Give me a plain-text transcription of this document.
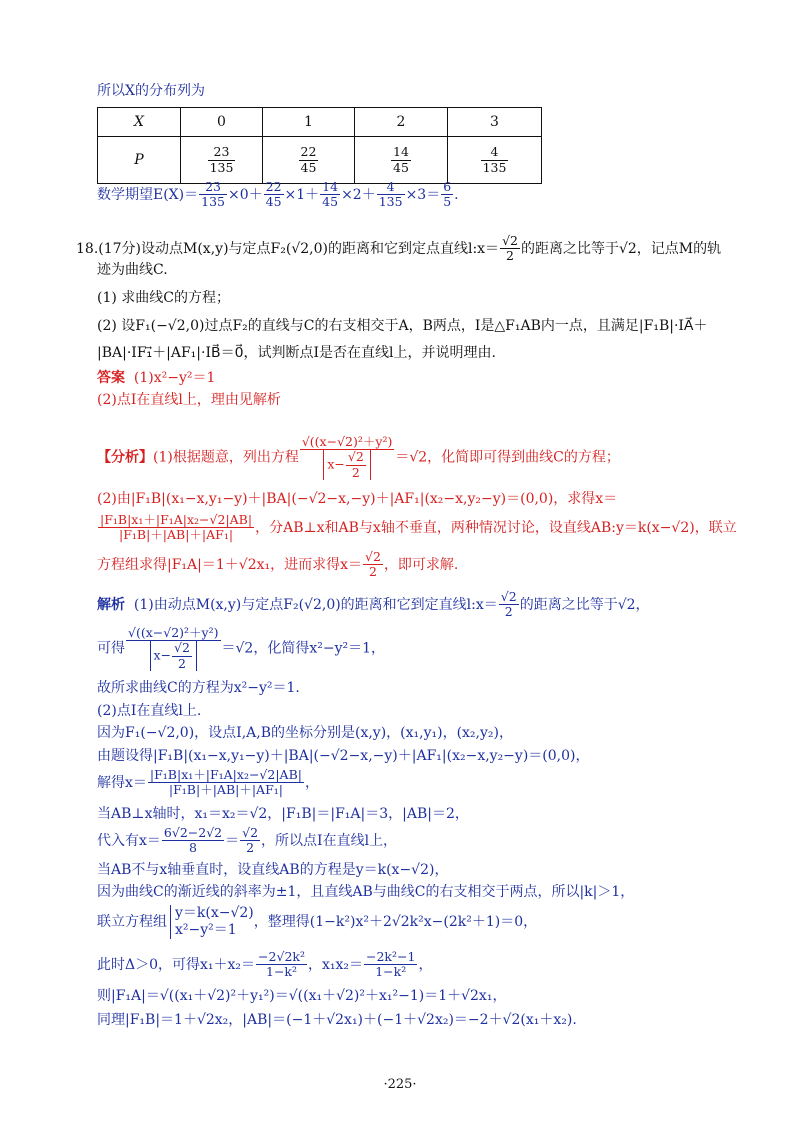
所以X的分布列为
X	0	1	2	3
P	$\frac{23}{135}$	$\frac{22}{45}$	$\frac{14}{45}$	$\frac{4}{135}$
数学期望$E(X)= \frac{23}{135} \times 0+ \frac{22}{45} \times 1+ \frac{14}{45} \times 2+ \frac{4}{135} \times 3= \frac{6}{5}$ .
18.(17分)设动点M(x,y)与定点F₂(√2,0)的距离和它到定点直线l:x＝ $\frac{√2}{2}$ 的距离之比等于√2，记点M的轨
迹为曲线C.
(1) 求曲线C的方程；
(2) 设F₁(−√2,0)过点F₂的直线与C的右支相交于A，B两点，I是△F₁AB内一点，且满足|F₁B|·IA⃗＋
|BA|·IF₁⃗＋|AF₁|·IB⃗＝0⃗，试判断点I是否在直线l上，并说明理由.
答案 (1)x²−y²＝1
(2)点I在直线l上，理由见解析
【分析】(1)根据题意，列出方程 $\frac{\text{√((x−√2)²＋y²)}}{x- \frac{√2}{2}} =√2$，化简即可得到曲线C的方程；
(2)由|F₁B|(x₁−x,y₁−y)＋|BA|(−√2−x,−y)＋|AF₁|(x₂−x,y₂−y)＝(0,0)，求得x＝
$\frac{\text{|F₁B|x₁＋|F₁A|x₂−√2|AB|}}{\text{|F₁B|＋|AB|＋|AF₁|}}$ ，分AB⊥x和AB与x轴不垂直，两种情况讨论，设直线AB:y＝k(x−√2)，联立
方程组求得|F₁A|＝1＋√2x₁，进而求得$x= \frac{√2}{2}$ ，即可求解.
解析 (1)由动点M(x,y)与定点F₂(√2,0)的距离和它到定直线l:x＝ $\frac{√2}{2}$ 的距离之比等于√2，
可得 $\frac{\text{√((x−√2)²＋y²)}}{x- \frac{√2}{2}} =√2$，化简得x²−y²＝1，
故所求曲线C的方程为x²−y²＝1.
(2)点I在直线l上.
因为F₁(−√2,0)，设点I,A,B的坐标分别是(x,y)，(x₁,y₁)，(x₂,y₂)，
由题设得|F₁B|(x₁−x,y₁−y)＋|BA|(−√2−x,−y)＋|AF₁|(x₂−x,y₂−y)＝(0,0)，
解得$x= \frac{\text{|F₁B|x₁＋|F₁A|x₂−√2|AB|}}{\text{|F₁B|＋|AB|＋|AF₁|}}$ ，
当AB⊥x轴时，x₁＝x₂＝√2，|F₁B|＝|F₁A|＝3，|AB|＝2，
代入有$x= \frac{6√2-2√2}{8} = \frac{√2}{2}$ ，所以点I在直线l上，
当AB不与x轴垂直时，设直线AB的方程是y＝k(x−√2)，
因为曲线C的渐近线的斜率为±1，且直线AB与曲线C的右支相交于两点，所以|k|＞1，
联立方程组
y＝k(x−√2)
x²−y²＝1	，整理得(1−k²)x²＋2√2k²x−(2k²＋1)＝0，
此时Δ＞0，可得$x_1+x_2= \frac{\text{−2√2k²}}{\text{1−k²}}$ ，$x_1x_2= \frac{\text{−2k²−1}}{\text{1−k²}}$ ，
则|F₁A|＝√((x₁＋√2)²＋y₁²)＝√((x₁＋√2)²＋x₁²−1)＝1＋√2x₁，
同理|F₁B|＝1＋√2x₂，|AB|＝(−1＋√2x₁)＋(−1＋√2x₂)＝−2＋√2(x₁＋x₂).
·225·
